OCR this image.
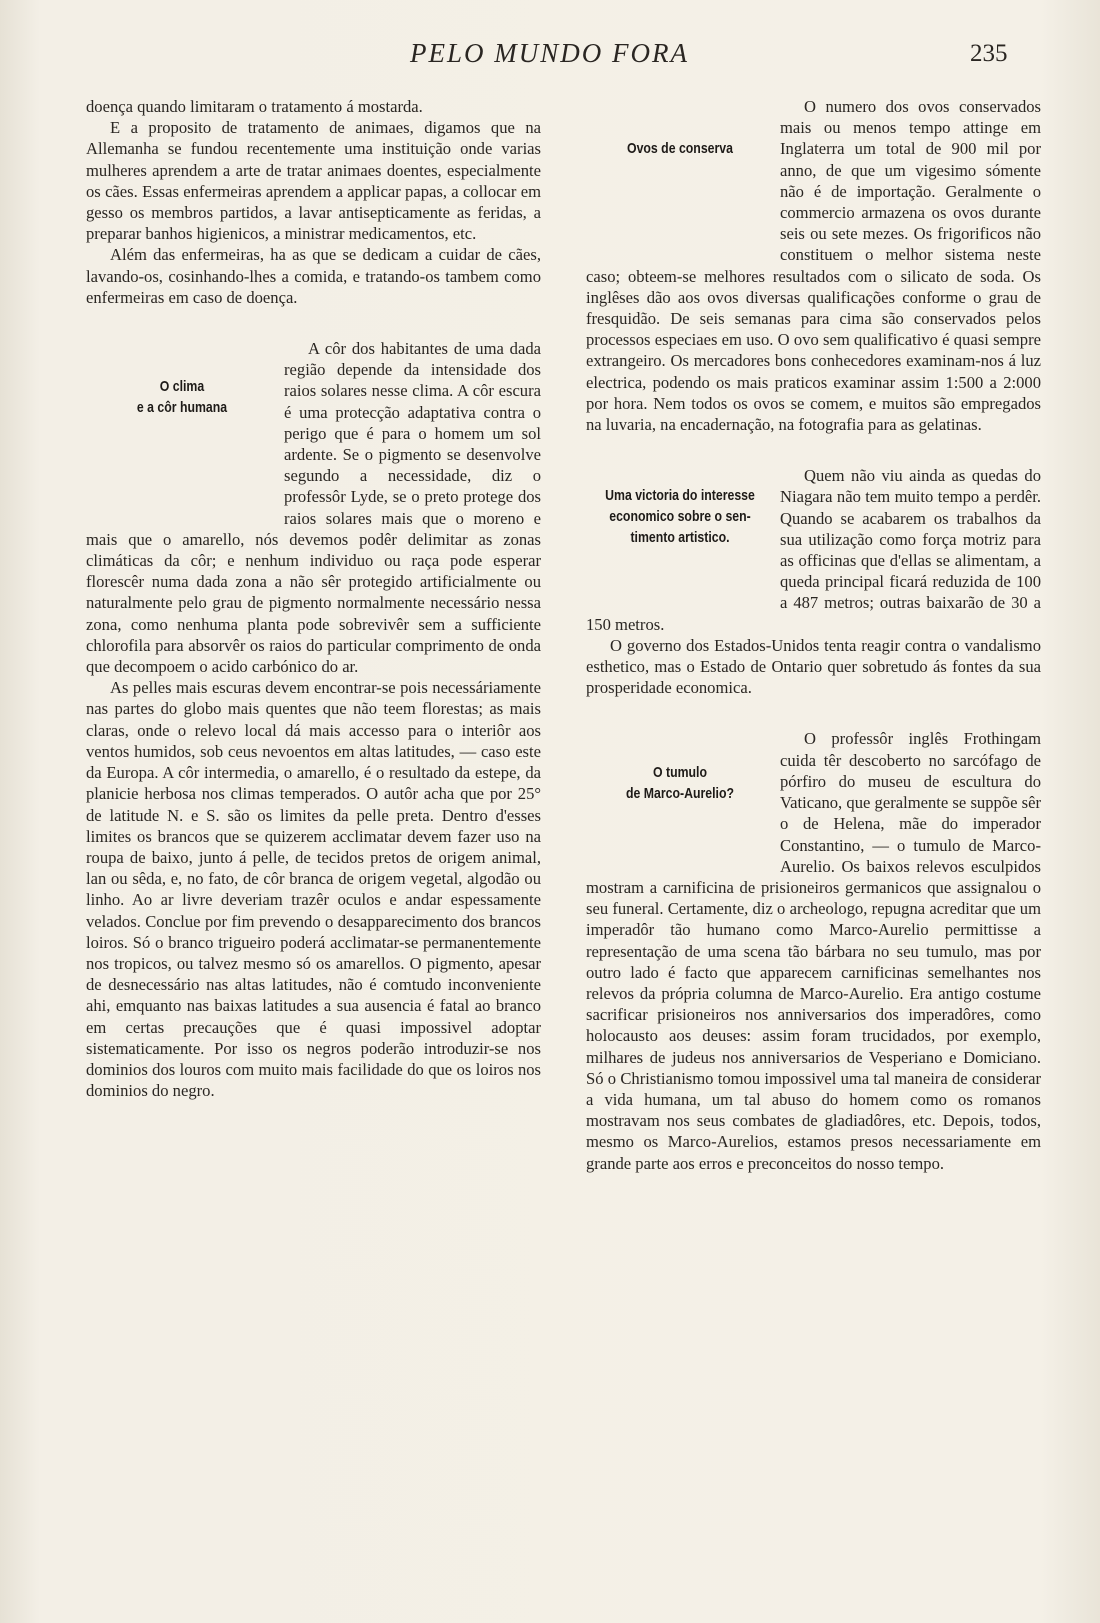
PELO MUNDO FORA	235

doença quando limitaram o tratamento á mostarda.

E a proposito de tratamento de animaes, digamos que na Allemanha se fundou recentemente uma instituição onde varias mulheres aprendem a arte de tratar animaes doentes, especialmente os cães. Essas enfermeiras aprendem a applicar papas, a collocar em gesso os membros partidos, a lavar antisepticamente as feridas, a preparar banhos higienicos, a ministrar medicamentos, etc.

Além das enfermeiras, ha as que se dedicam a cuidar de cães, lavando-os, cosinhando-lhes a comida, e tratando-os tambem como enfermeiras em caso de doença.

O clima
e a côr humana

A côr dos habitantes de uma dada região depende da intensidade dos raios solares nesse clima. A côr escura é uma protecção adaptativa contra o perigo que é para o homem um sol ardente. Se o pigmento se desenvolve segundo a necessidade, diz o professôr Lyde, se o preto protege dos raios solares mais que o moreno e mais que o amarello, nós devemos podêr delimitar as zonas climáticas da côr; e nenhum individuo ou raça pode esperar florescêr numa dada zona a não sêr protegido artificialmente ou naturalmente pelo grau de pigmento normalmente necessário nessa zona, como nenhuma planta pode sobrevivêr sem a sufficiente chlorofila para absorvêr os raios do particular comprimento de onda que decompoem o acido carbónico do ar.

As pelles mais escuras devem encontrar-se pois necessáriamente nas partes do globo mais quentes que não teem florestas; as mais claras, onde o relevo local dá mais accesso para o interiôr aos ventos humidos, sob ceus nevoentos em altas latitudes, — caso este da Europa. A côr intermedia, o amarello, é o resultado da estepe, da planicie herbosa nos climas temperados. O autôr acha que por 25° de latitude N. e S. são os limites da pelle preta. Dentro d'esses limites os brancos que se quizerem acclimatar devem fazer uso na roupa de baixo, junto á pelle, de tecidos pretos de origem animal, lan ou sêda, e, no fato, de côr branca de origem vegetal, algodão ou linho. Ao ar livre deveriam trazêr oculos e andar espessamente velados. Conclue por fim prevendo o desapparecimento dos brancos loiros. Só o branco trigueiro poderá acclimatar-se permanentemente nos tropicos, ou talvez mesmo só os amarellos. O pigmento, apesar de desnecessário nas altas latitudes, não é comtudo inconveniente ahi, emquanto nas baixas latitudes a sua ausencia é fatal ao branco em certas precauções que é quasi impossivel adoptar sistematicamente. Por isso os negros poderão introduzir-se nos dominios dos louros com muito mais facilidade do que os loiros nos dominios do negro.

Ovos de conserva

O numero dos ovos conservados mais ou menos tempo attinge em Inglaterra um total de 900 mil por anno, de que um vigesimo sómente não é de importação. Geralmente o commercio armazena os ovos durante seis ou sete mezes. Os frigorificos não constituem o melhor sistema neste caso; obteem-se melhores resultados com o silicato de soda. Os inglêses dão aos ovos diversas qualificações conforme o grau de fresquidão. De seis semanas para cima são conservados pelos processos especiaes em uso. O ovo sem qualificativo é quasi sempre extrangeiro. Os mercadores bons conhecedores examinam-nos á luz electrica, podendo os mais praticos examinar assim 1:500 a 2:000 por hora. Nem todos os ovos se comem, e muitos são empregados na luvaria, na encadernação, na fotografia para as gelatinas.

Uma victoria do interesse
economico sobre o sen-
timento artistico.

Quem não viu ainda as quedas do Niagara não tem muito tempo a perdêr. Quando se acabarem os trabalhos da sua utilização como força motriz para as officinas que d'ellas se alimentam, a queda principal ficará reduzida de 100 a 487 metros; outras baixarão de 30 a 150 metros.

O governo dos Estados-Unidos tenta reagir contra o vandalismo esthetico, mas o Estado de Ontario quer sobretudo ás fontes da sua prosperidade economica.

O tumulo
de Marco-Aurelio?

O professôr inglês Frothingam cuida têr descoberto no sarcófago de pórfiro do museu de escultura do Vaticano, que geralmente se suppõe sêr o de Helena, mãe do imperador Constantino, — o tumulo de Marco-Aurelio. Os baixos relevos esculpidos mostram a carnificina de prisioneiros germanicos que assignalou o seu funeral. Certamente, diz o archeologo, repugna acreditar que um imperadôr tão humano como Marco-Aurelio permittisse a representação de uma scena tão bárbara no seu tumulo, mas por outro lado é facto que apparecem carnificinas semelhantes nos relevos da própria columna de Marco-Aurelio. Era antigo costume sacrificar prisioneiros nos anniversarios dos imperadôres, como holocausto aos deuses: assim foram trucidados, por exemplo, milhares de judeus nos anniversarios de Vesperiano e Domiciano. Só o Christianismo tomou impossivel uma tal maneira de considerar a vida humana, um tal abuso do homem como os romanos mostravam nos seus combates de gladiadôres, etc. Depois, todos, mesmo os Marco-Aurelios, estamos presos necessariamente em grande parte aos erros e preconceitos do nosso tempo.
